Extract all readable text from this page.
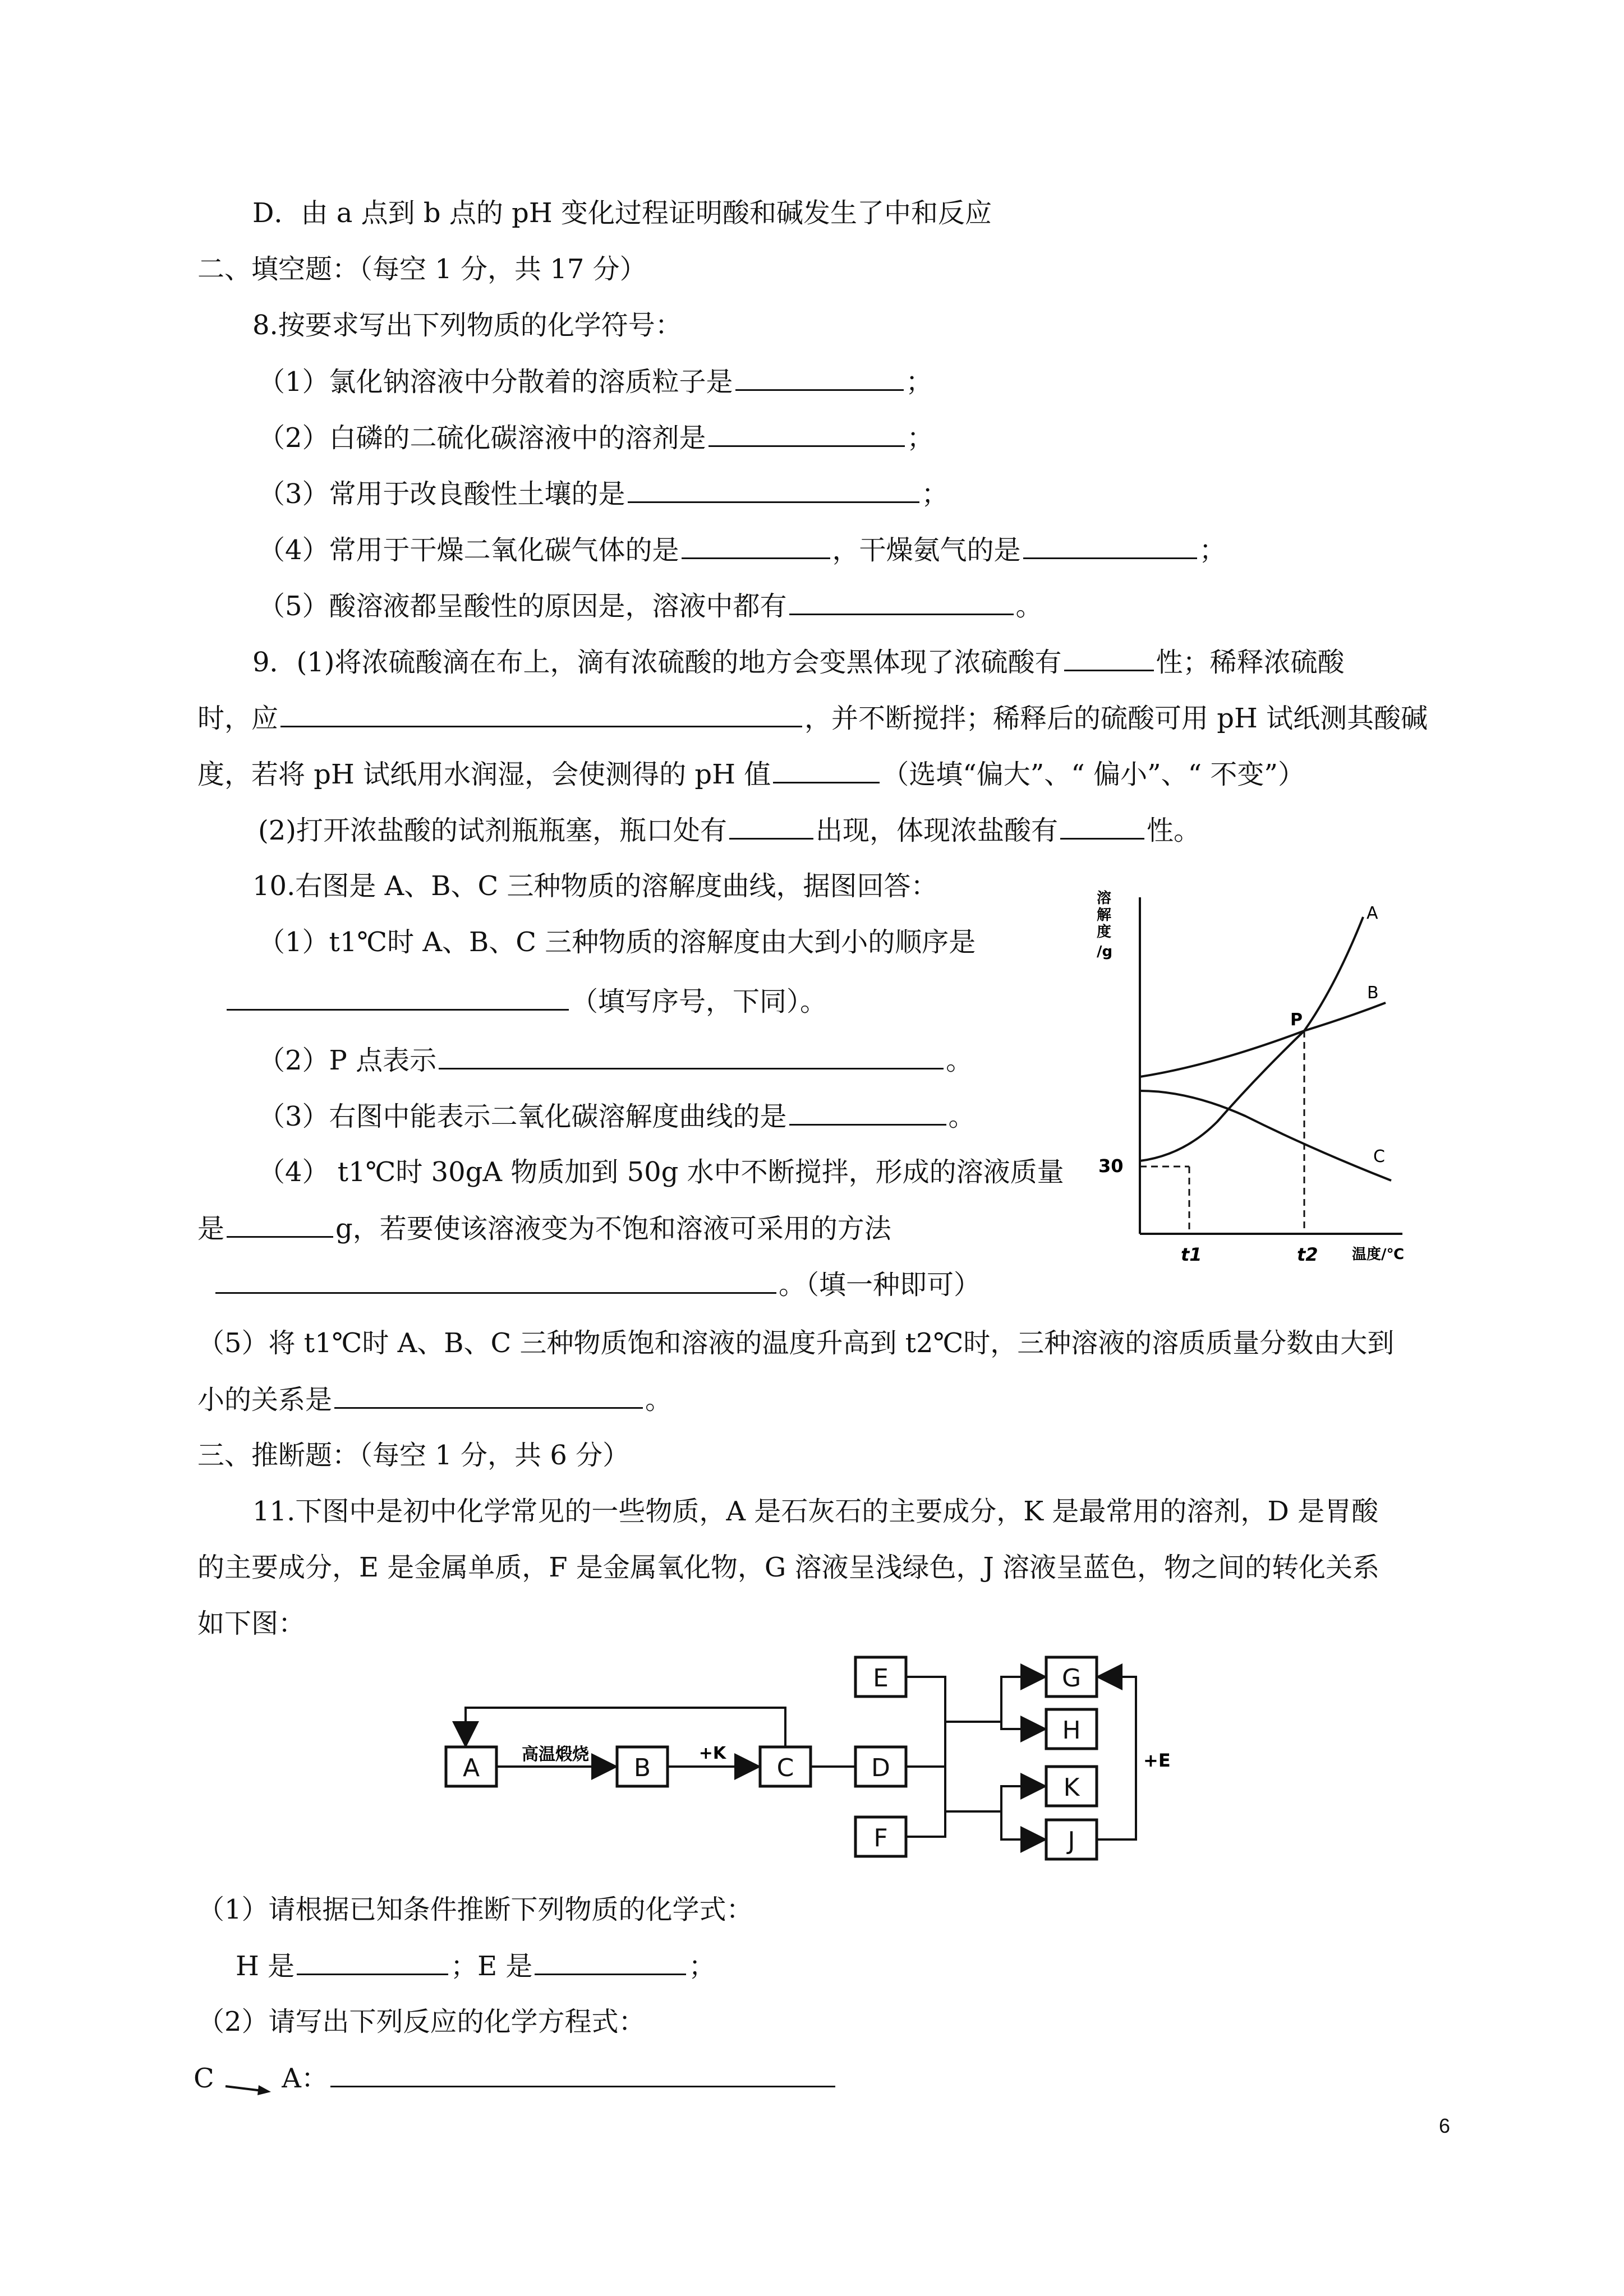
D．由 a 点到 b 点的 pH 变化过程证明酸和碱发生了中和反应
二、填空题：（每空 1 分，共 17 分）
8.按要求写出下列物质的化学符号：
（1）氯化钠溶液中分散着的溶质粒子是	；
（2）白磷的二硫化碳溶液中的溶剂是	；
（3）常用于改良酸性土壤的是	；
（4）常用于干燥二氧化碳气体的是	，干燥氨气的是	；
（5）酸溶液都呈酸性的原因是，溶液中都有	。
9．(1)将浓硫酸滴在布上，滴有浓硫酸的地方会变黑体现了浓硫酸有	性；稀释浓硫酸
时，应	，并不断搅拌；稀释后的硫酸可用 pH 试纸测其酸碱
度，若将 pH 试纸用水润湿，会使测得的 pH 值	（选填“偏大”、“ 偏小”、“ 不变”）
(2)打开浓盐酸的试剂瓶瓶塞，瓶口处有	出现，体现浓盐酸有	性。
10.右图是 A、B、C 三种物质的溶解度曲线，据图回答：
（1）t1℃时 A、B、C 三种物质的溶解度由大到小的顺序是
（填写序号，下同）。
（2）P 点表示	。
（3）右图中能表示二氧化碳溶解度曲线的是	。
（4） t1℃时 30gA 物质加到 50g 水中不断搅拌，形成的溶液质量
是	g，若要使该溶液变为不饱和溶液可采用的方法
。（填一种即可）
（5）将 t1℃时 A、B、C 三种物质饱和溶液的温度升高到 t2℃时，三种溶液的溶质质量分数由大到
小的关系是	。
溶
解
度
/g
30
t1	t2 温度/℃
A
B
C
P
三、推断题：（每空 1 分，共 6 分）
11.下图中是初中化学常见的一些物质，A 是石灰石的主要成分，K 是最常用的溶剂，D 是胃酸
的主要成分，E 是金属单质，F 是金属氧化物，G 溶液呈浅绿色，J 溶液呈蓝色，物之间的转化关系
如下图：
A	B	C	D
E
F
G
H
K
J
高温煅烧	+K	+E
（1）请根据已知条件推断下列物质的化学式：
H 是	；E 是	；
（2）请写出下列反应的化学方程式：
C	A：
6
